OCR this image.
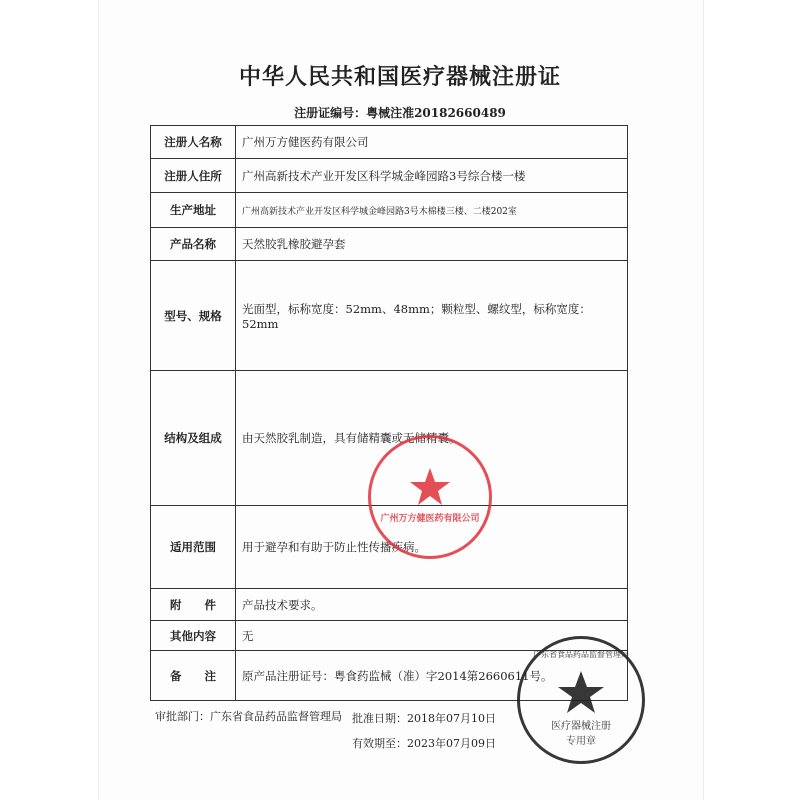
中华人民共和国医疗器械注册证
注册证编号：粤械注准20182660489
注册人名称	广州万方健医药有限公司
注册人住所	广州高新技术产业开发区科学城金峰园路3号综合楼一楼
生产地址	广州高新技术产业开发区科学城金峰园路3号木棉楼三楼、二楼202室
产品名称	天然胶乳橡胶避孕套
型号、规格	光面型，标称宽度：52mm、48mm；颗粒型、螺纹型，标称宽度：52mm
结构及组成	由天然胶乳制造，具有储精囊或无储精囊。
适用范围	用于避孕和有助于防止性传播疾病。
附　　件	产品技术要求。
其他内容	无
备　　注	原产品注册证号：粤食药监械（准）字2014第2660611号。
审批部门：广东省食品药品监督管理局 批准日期：2018年07月10日
有效期至：2023年07月09日
广州万方健医药有限公司
广东省食品药品监督管理局
医疗器械注册专用章
